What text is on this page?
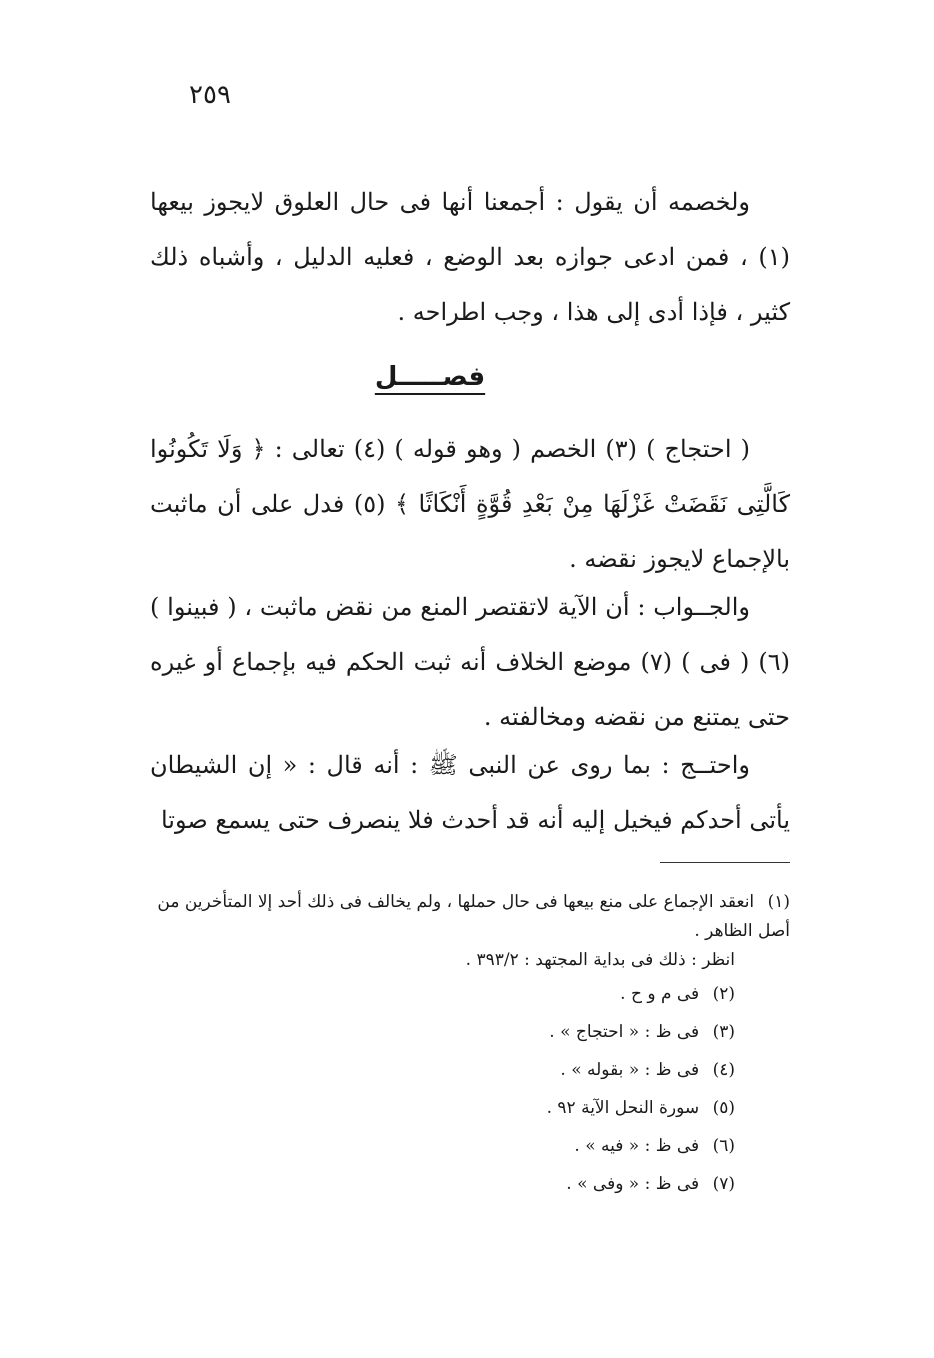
٢٥٩

ولخصمه أن يقول : أجمعنا أنها فى حال العلوق لايجوز بيعها (١) ، فمن ادعى جوازه بعد الوضع ، فعليه الدليل ، وأشباه ذلك كثير ، فإذا أدى إلى هذا ، وجب اطراحه .

فصـــــل

( احتجاج ) (٣) الخصم ( وهو قوله ) (٤) تعالى : ﴿ وَلَا تَكُونُوا كَالَّتِى نَقَضَتْ غَزْلَهَا مِنْ بَعْدِ قُوَّةٍ أَنْكَاثًا ﴾ (٥) فدل على أن ماثبت بالإجماع لايجوز نقضه .

والجــواب : أن الآية لاتقتصر المنع من نقض ماثبت ، ( فبينوا ) (٦) ( فى ) (٧) موضع الخلاف أنه ثبت الحكم فيه بإجماع أو غيره حتى يمتنع من نقضه ومخالفته .

واحتــج : بما روى عن النبى ﷺ : أنه قال : « إن الشيطان يأتى أحدكم فيخيل إليه أنه قد أحدث فلا ينصرف حتى يسمع صوتا

(١) انعقد الإجماع على منع بيعها فى حال حملها ، ولم يخالف فى ذلك أحد إلا المتأخرين من أصل الظاهر .

انظر : ذلك فى بداية المجتهد : ٣٩٣/٢ .

(٢) فى م و ح .
(٣) فى ظ : « احتجاج » .
(٤) فى ظ : « بقوله » .
(٥) سورة النحل الآية ٩٢ .
(٦) فى ظ : « فيه » .
(٧) فى ظ : « وفى » .
